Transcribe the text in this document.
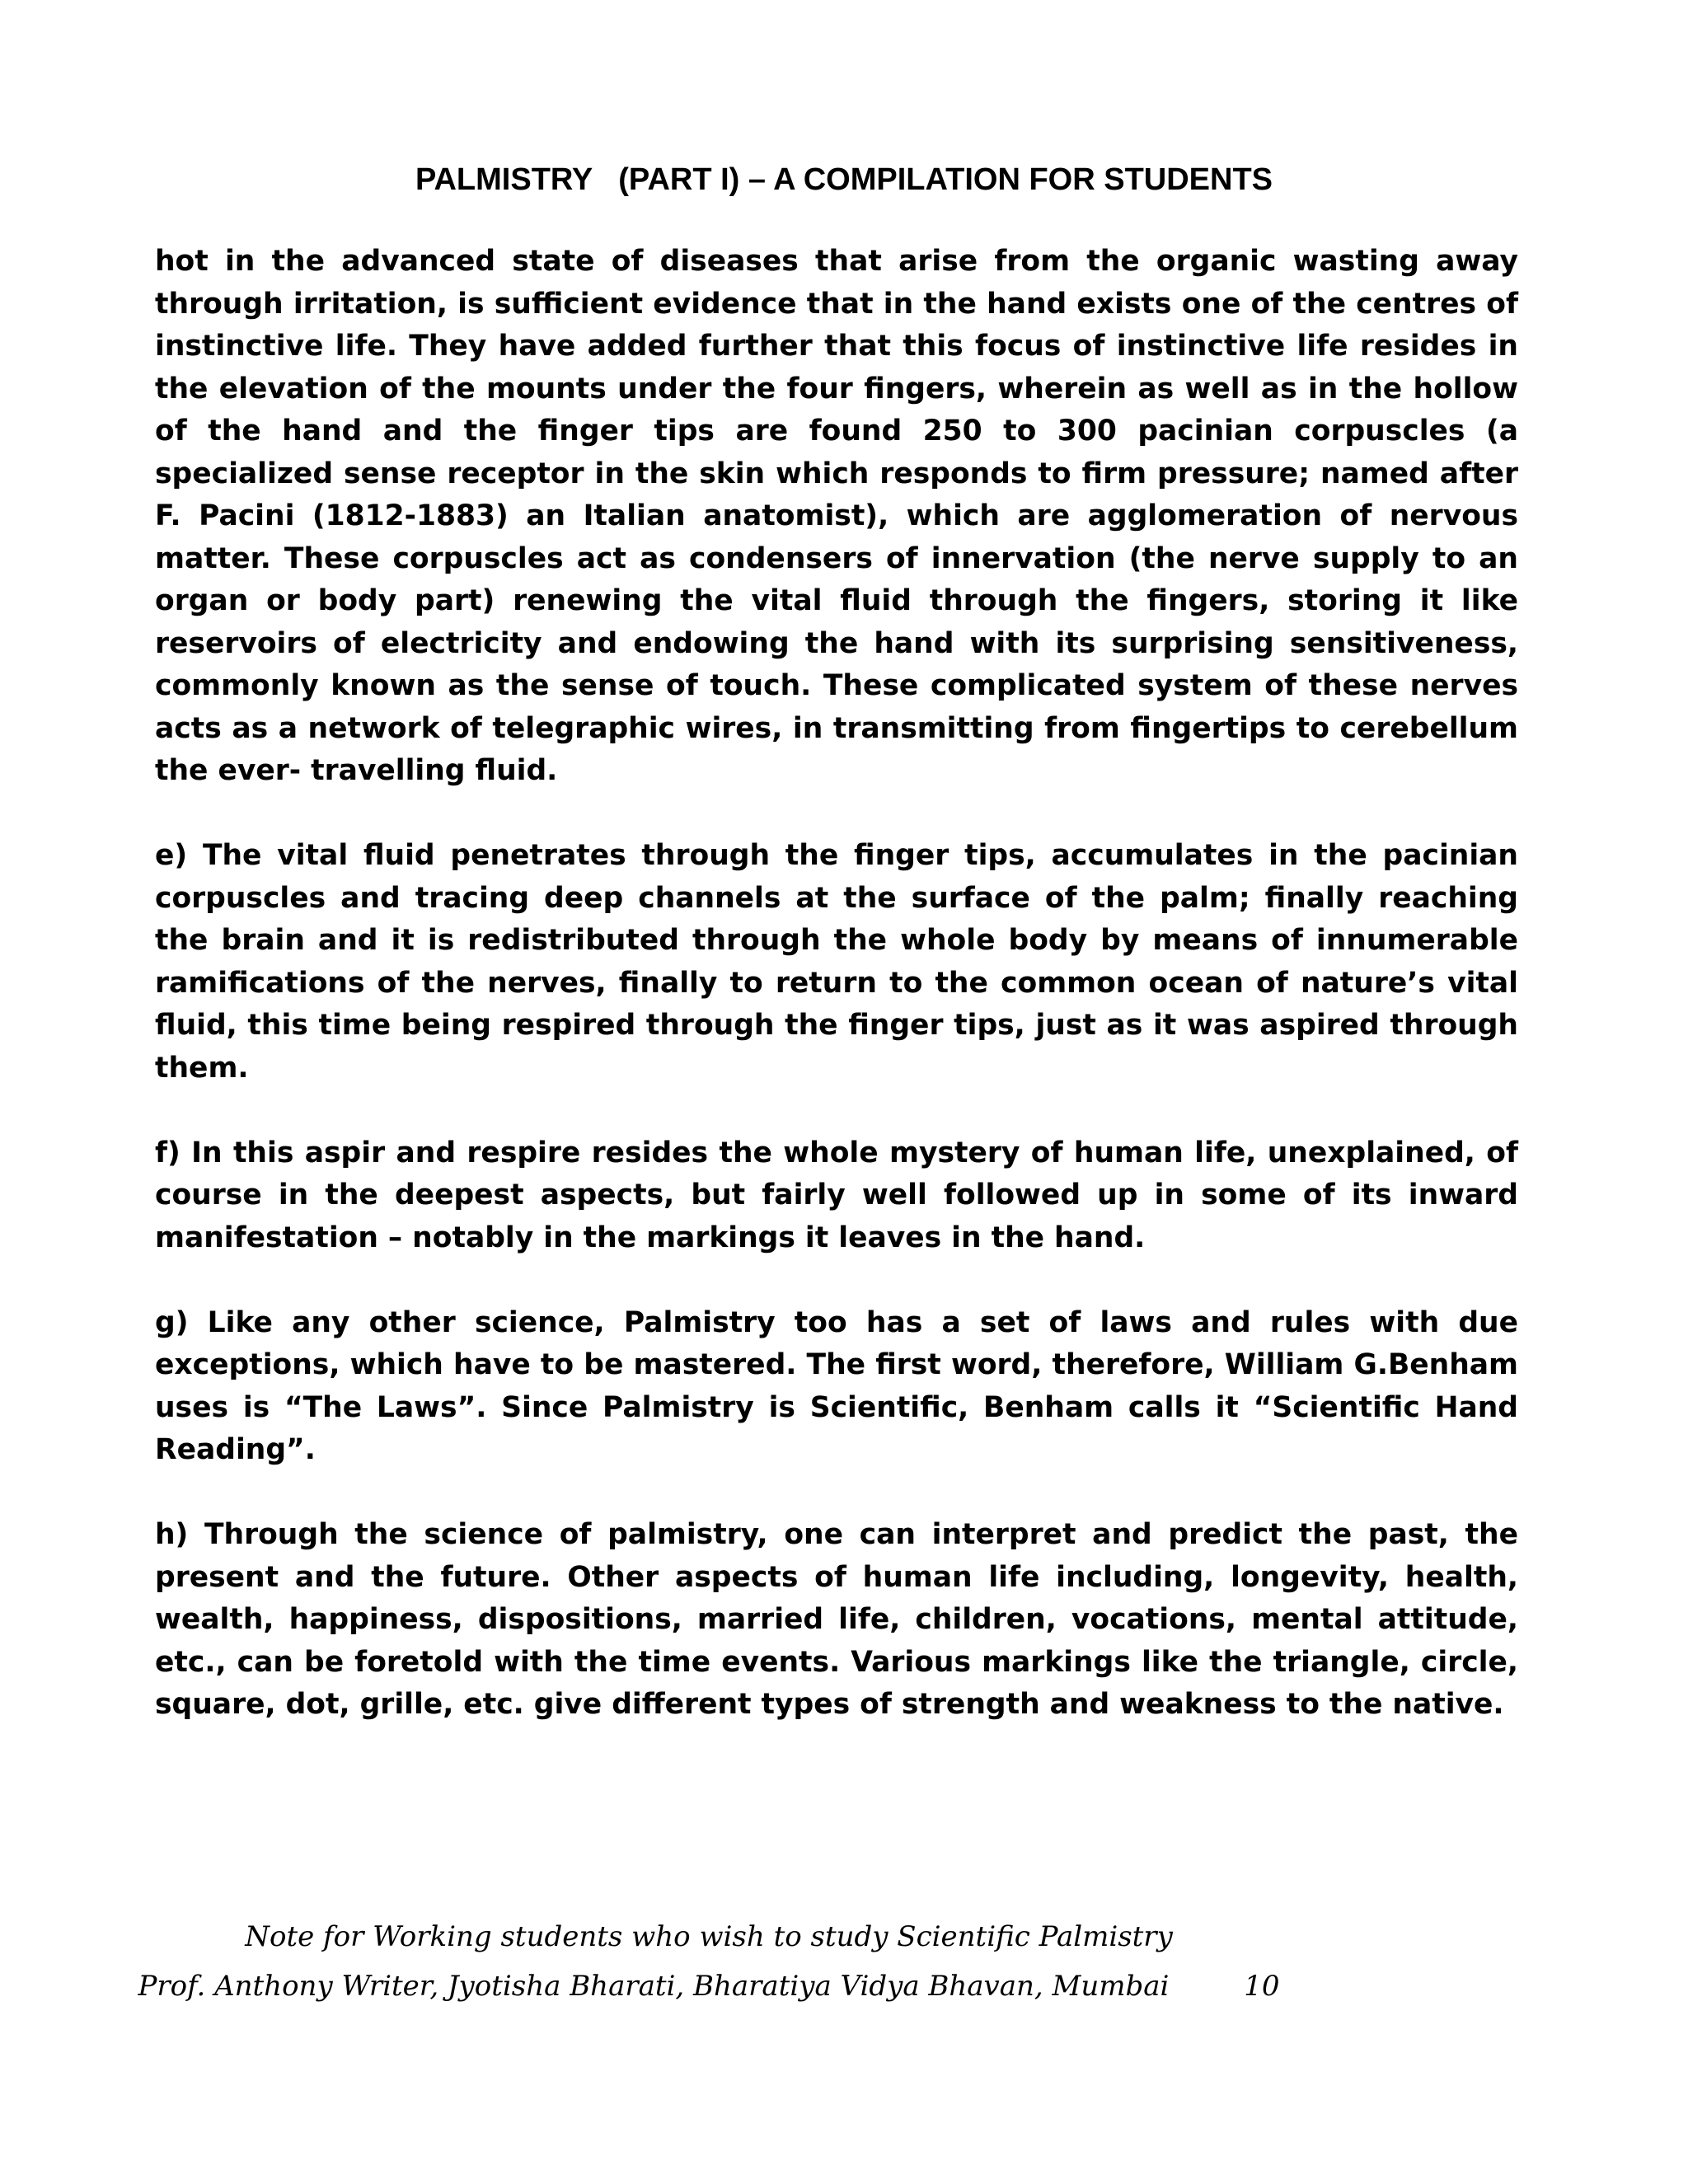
PALMISTRY   (PART I) – A COMPILATION FOR STUDENTS

hot in the advanced state of diseases that arise from the organic wasting away through irritation, is sufficient evidence that in the hand exists one of the centres of instinctive life. They have added further that this focus of instinctive life resides in the elevation of the mounts under the four fingers, wherein as well as in the hollow of the hand and the finger tips are found 250 to 300 pacinian corpuscles (a specialized sense receptor in the skin which responds to firm pressure; named after F. Pacini (1812-1883) an Italian anatomist), which are agglomeration of nervous matter. These corpuscles act as condensers of innervation (the nerve supply to an organ or body part) renewing the vital fluid through the fingers, storing it like reservoirs of electricity and endowing the hand with its surprising sensitiveness, commonly known as the sense of touch. These complicated system of these nerves acts as a network of telegraphic wires, in transmitting from fingertips to cerebellum the ever- travelling fluid.

e) The vital fluid penetrates through the finger tips, accumulates in the pacinian corpuscles and tracing deep channels at the surface of the palm; finally reaching the brain and it is redistributed through the whole body by means of innumerable ramifications of the nerves, finally to return to the common ocean of nature’s vital fluid, this time being respired through the finger tips, just as it was aspired through them.

f) In this aspir and respire resides the whole mystery of human life, unexplained, of course in the deepest aspects, but fairly well followed up in some of its inward manifestation – notably in the markings it leaves in the hand.

g) Like any other science, Palmistry too has a set of laws and rules with due exceptions, which have to be mastered. The first word, therefore, William G.Benham uses is “The Laws”. Since Palmistry is Scientific, Benham calls it “Scientific Hand Reading”.

h) Through the science of palmistry, one can interpret and predict the past, the present and the future. Other aspects of human life including, longevity, health, wealth, happiness, dispositions, married life, children, vocations, mental attitude, etc., can be foretold with the time events. Various markings like the triangle, circle, square, dot, grille, etc. give different types of strength and weakness to the native.

Note for Working students who wish to study Scientific Palmistry
Prof. Anthony Writer, Jyotisha Bharati, Bharatiya Vidya Bhavan, Mumbai	10
